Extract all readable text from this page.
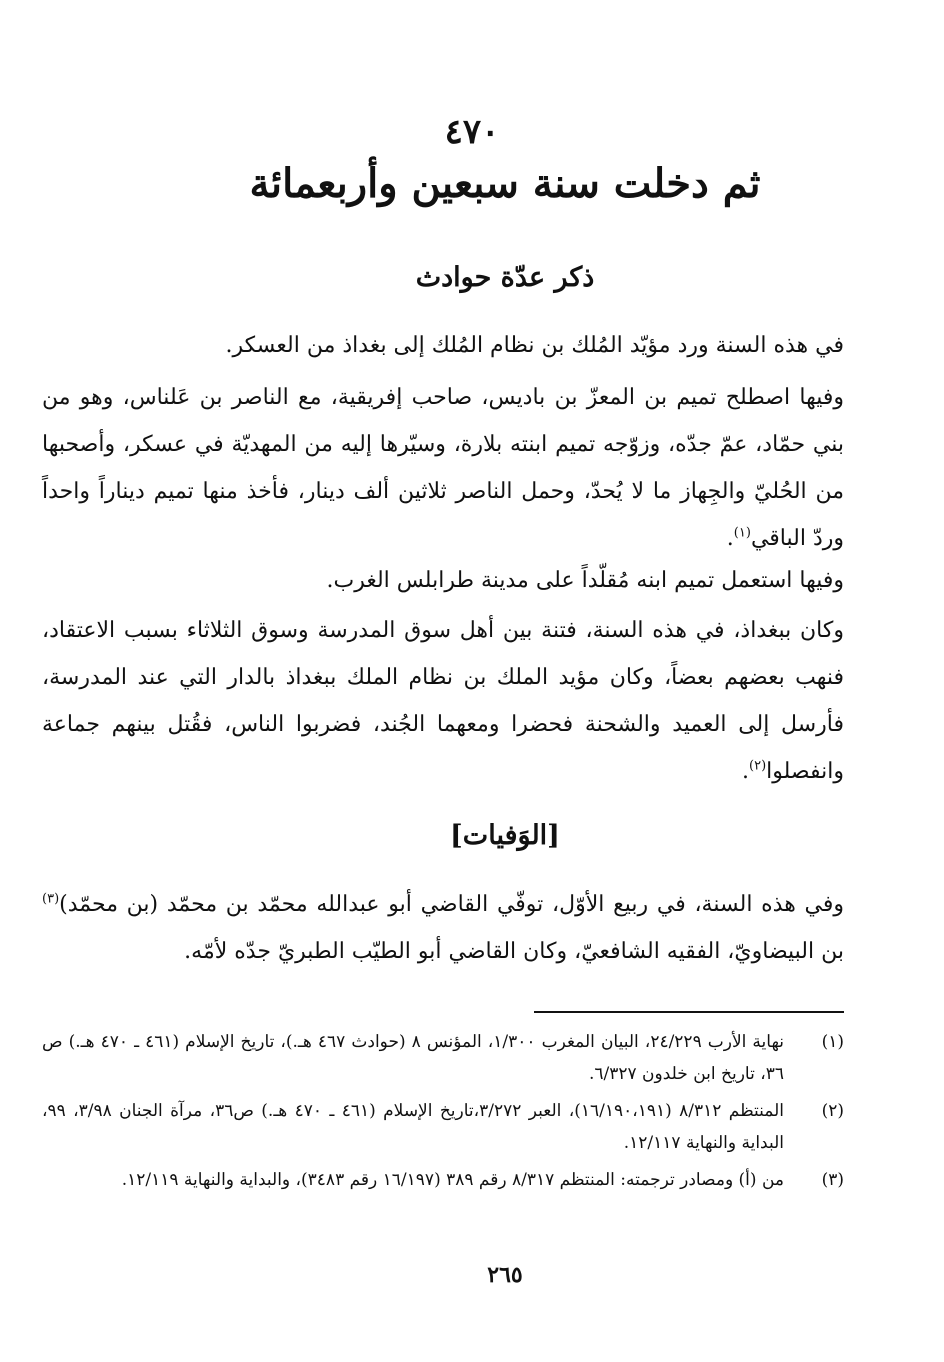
٤٧٠
ثم دخلت سنة سبعين وأربعمائة
ذكر عدّة حوادث

في هذه السنة ورد مؤيّد المُلك بن نظام المُلك إلى بغداذ من العسكر.

وفيها اصطلح تميم بن المعزّ بن باديس، صاحب إفريقية، مع الناصر بن عَلناس، وهو من بني حمّاد، عمّ جدّه، وزوّجه تميم ابنته بلارة، وسيّرها إليه من المهديّة في عسكر، وأصحبها من الحُليّ والجِهاز ما لا يُحدّ، وحمل الناصر ثلاثين ألف دينار، فأخذ منها تميم ديناراً واحداً وردّ الباقي$^{(١)}$.

وفيها استعمل تميم ابنه مُقلّداً على مدينة طرابلس الغرب.

وكان ببغداذ، في هذه السنة، فتنة بين أهل سوق المدرسة وسوق الثلاثاء بسبب الاعتقاد، فنهب بعضهم بعضاً، وكان مؤيد الملك بن نظام الملك ببغداذ بالدار التي عند المدرسة، فأرسل إلى العميد والشحنة فحضرا ومعهما الجُند، فضربوا الناس، فقُتل بينهم جماعة وانفصلوا$^{(٢)}$.

[الوَفيات]

وفي هذه السنة، في ربيع الأوّل، توفّي القاضي أبو عبدالله محمّد بن محمّد (بن محمّد)$^{(٣)}$ بن البيضاويّ، الفقيه الشافعيّ، وكان القاضي أبو الطيّب الطبريّ جدّه لأمّه.

(١)
نهاية الأرب ٢٤/٢٢٩، البيان المغرب ١/٣٠٠، المؤنس ٨ (حوادث ٤٦٧ هـ.)، تاريخ الإسلام (٤٦١ ـ ٤٧٠ هـ.) ص ٣٦، تاريخ ابن خلدون ٦/٣٢٧.
(٢)
المنتظم ٨/٣١٢ (١٦/١٩٠،١٩١)، العبر ٣/٢٧٢،تاريخ الإسلام (٤٦١ ـ ٤٧٠ هـ.) ص٣٦، مرآة الجنان ٣/٩٨، ٩٩، البداية والنهاية ١٢/١١٧.
(٣)
من (أ) ومصادر ترجمته: المنتظم ٨/٣١٧ رقم ٣٨٩ (١٦/١٩٧ رقم ٣٤٨٣)، والبداية والنهاية ١٢/١١٩.
٢٦٥
